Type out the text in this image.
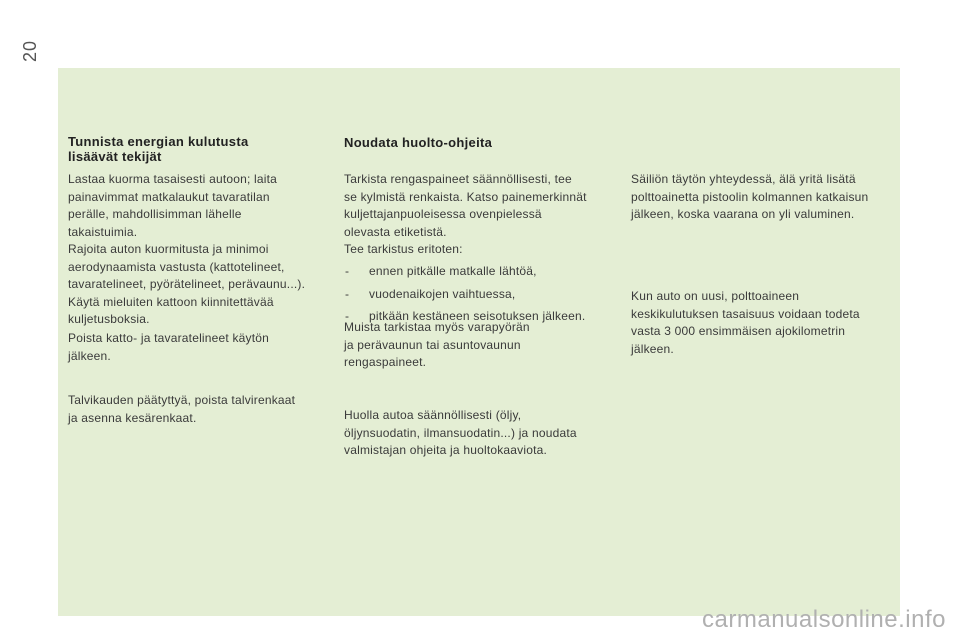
20
Tunnista energian kulutusta
lisäävät tekijät

Lastaa kuorma tasaisesti autoon; laita
painavimmat matkalaukut tavaratilan
perälle, mahdollisimman lähelle
takaistuimia.

Rajoita auton kuormitusta ja minimoi
aerodynaamista vastusta (kattotelineet,
tavaratelineet, pyörätelineet, perävaunu...).
Käytä mieluiten kattoon kiinnitettävää
kuljetusboksia.

Poista katto- ja tavaratelineet käytön
jälkeen.

Talvikauden päätyttyä, poista talvirenkaat
ja asenna kesärenkaat.

Noudata huolto-ohjeita

Tarkista rengaspaineet säännöllisesti, tee
se kylmistä renkaista. Katso painemerkinnät
kuljettajanpuoleisessa ovenpielessä
olevasta etiketistä.

Tee tarkistus eritoten:

- ennen pitkälle matkalle lähtöä,
- vuodenaikojen vaihtuessa,
- pitkään kestäneen seisotuksen jälkeen.

Muista tarkistaa myös varapyörän
ja perävaunun tai asuntovaunun
rengaspaineet.

Huolla autoa säännöllisesti (öljy,
öljynsuodatin, ilmansuodatin...) ja noudata
valmistajan ohjeita ja huoltokaaviota.

Säiliön täytön yhteydessä, älä yritä lisätä
polttoainetta pistoolin kolmannen katkaisun
jälkeen, koska vaarana on yli valuminen.

Kun auto on uusi, polttoaineen
keskikulutuksen tasaisuus voidaan todeta
vasta 3 000 ensimmäisen ajokilometrin
jälkeen.

carmanualsonline.info
